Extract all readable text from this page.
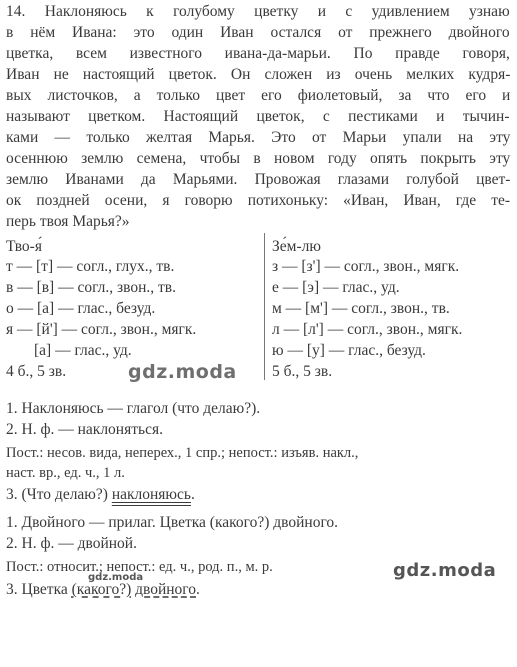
14. Наклоняюсь к голубому цветку и с удивлением узнаю
в нём Ивана: это один Иван остался от прежнего двойного
цветка, всем известного ивана-да-марьи. По правде говоря,
Иван не настоящий цветок. Он сложен из очень мелких кудря-
вых листочков, а только цвет его фиолетовый, за что его и
называют цветком. Настоящий цветок, с пестиками и тычин-
ками — только желтая Марья. Это от Марьи упали на эту
осеннюю землю семена, чтобы в новом году опять покрыть эту
землю Иванами да Марьями. Провожая глазами голубой цвет-
ок поздней осени, я говорю потихоньку: «Иван, Иван, где те-
перь твоя Марья?»
Тво-я́
т — [т] — согл., глух., тв.
в — [в] — согл., звон., тв.
о — [а] — глас., безуд.
я — [й'] — согл., звон., мягк.
[а] — глас., уд.
4 б., 5 зв.
Зе́м-лю
з — [з'] — согл., звон., мягк.
е — [э] — глас., уд.
м — [м'] — согл., звон., тв.
л — [л'] — согл., звон., мягк.
ю — [у] — глас., безуд.
5 б., 5 зв.
gdz.moda
1. Наклоняюсь — глагол (что делаю?).
2. Н. ф. — наклоняться.
Пост.: несов. вида, неперех., 1 спр.; непост.: изъяв. накл.,
наст. вр., ед. ч., 1 л.
3. (Что делаю?) наклоняюсь.
1. Двойного — прилаг. Цветка (какого?) двойного.
2. Н. ф. — двойной.
Пост.: относит.; непост.: ед. ч., род. п., м. р.
3. Цветка (какого?) двойного.
gdz.moda	gdz.moda
